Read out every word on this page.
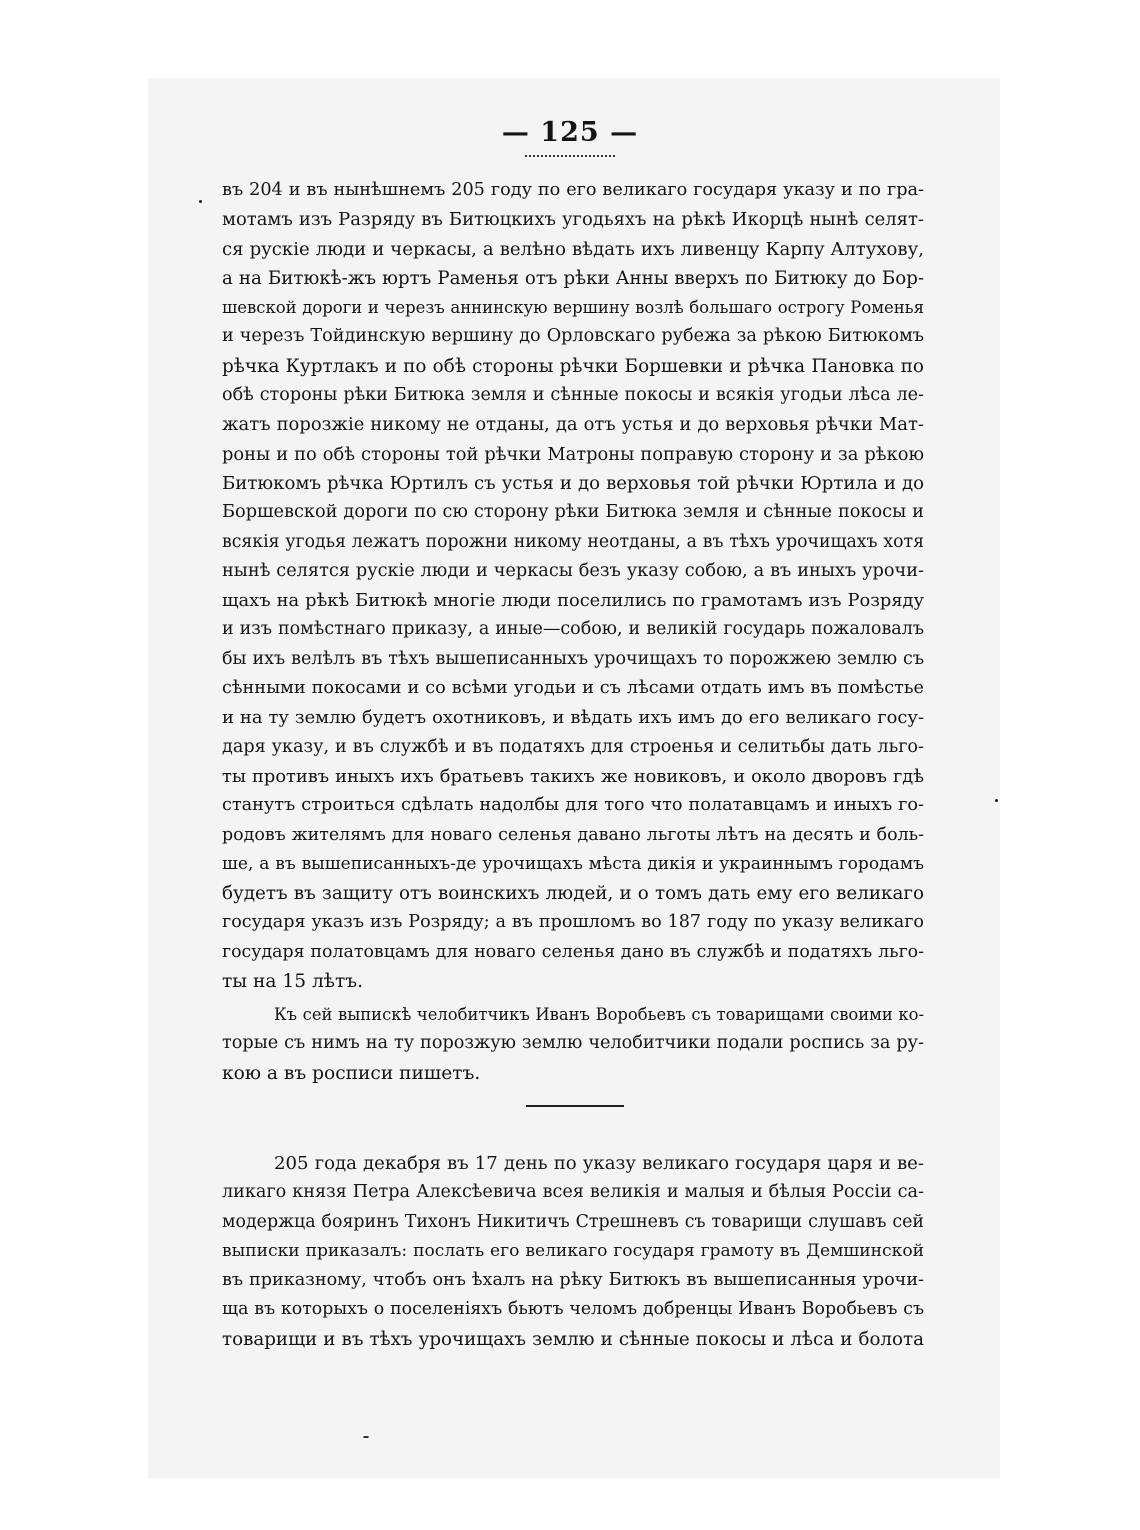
— 125 —
въ 204 и въ нынѣшнемъ 205 году по его великаго государя указу и по гра-
мотамъ изъ Разряду въ Битюцкихъ угодьяхъ на рѣкѣ Икорцѣ нынѣ селят-
ся рускіе люди и черкасы, а велѣно вѣдать ихъ ливенцу Карпу Алтухову,
а на Битюкѣ-жъ юртъ Раменья отъ рѣки Анны вверхъ по Битюку до Бор-
шевской дороги и черезъ аннинскую вершину возлѣ большаго острогу Роменья
и черезъ Тойдинскую вершину до Орловскаго рубежа за рѣкою Битюкомъ
рѣчка Куртлакъ и по обѣ стороны рѣчки Боршевки и рѣчка Пановка по
обѣ стороны рѣки Битюка земля и сѣнные покосы и всякія угодьи лѣса ле-
жатъ порозжіе никому не отданы, да отъ устья и до верховья рѣчки Мат-
роны и по обѣ стороны той рѣчки Матроны поправую сторону и за рѣкою
Битюкомъ рѣчка Юртилъ съ устья и до верховья той рѣчки Юртила и до
Боршевской дороги по сю сторону рѣки Битюка земля и сѣнные покосы и
всякія угодья лежатъ порожни никому неотданы, а въ тѣхъ урочищахъ хотя
нынѣ селятся рускіе люди и черкасы безъ указу собою, а въ иныхъ урочи-
щахъ на рѣкѣ Битюкѣ многіе люди поселились по грамотамъ изъ Розряду
и изъ помѣстнаго приказу, а иные—собою, и великій государь пожаловалъ
бы ихъ велѣлъ въ тѣхъ вышеписанныхъ урочищахъ то порожжею землю съ
сѣнными покосами и со всѣми угодьи и съ лѣсами отдать имъ въ помѣстье
и на ту землю будетъ охотниковъ, и вѣдать ихъ имъ до его великаго госу-
даря указу, и въ службѣ и въ податяхъ для строенья и селитьбы дать льго-
ты противъ иныхъ ихъ братьевъ такихъ же новиковъ, и около дворовъ гдѣ
станутъ строиться сдѣлать надолбы для того что полатавцамъ и иныхъ го-
родовъ жителямъ для новаго селенья давано льготы лѣтъ на десять и боль-
ше, а въ вышеписанныхъ-де урочищахъ мѣста дикія и украиннымъ городамъ
будетъ въ защиту отъ воинскихъ людей, и о томъ дать ему его великаго
государя указъ изъ Розряду; а въ прошломъ во 187 году по указу великаго
государя полатовцамъ для новаго селенья дано въ службѣ и податяхъ льго-
ты на 15 лѣтъ.
Къ сей выпискѣ челобитчикъ Иванъ Воробьевъ съ товарищами своими ко-
торые съ нимъ на ту порозжую землю челобитчики подали роспись за ру-
кою а въ росписи пишетъ.
205 года декабря въ 17 день по указу великаго государя царя и ве-
ликаго князя Петра Алексѣевича всея великія и малыя и бѣлыя Россіи са-
модержца бояринъ Тихонъ Никитичъ Стрешневъ съ товарищи слушавъ сей
выписки приказалъ: послать его великаго государя грамоту въ Демшинской
въ приказному, чтобъ онъ ѣхалъ на рѣку Битюкъ въ вышеписанныя урочи-
ща въ которыхъ о поселеніяхъ бьютъ челомъ добренцы Иванъ Воробьевъ съ
товарищи и въ тѣхъ урочищахъ землю и сѣнные покосы и лѣса и болота
